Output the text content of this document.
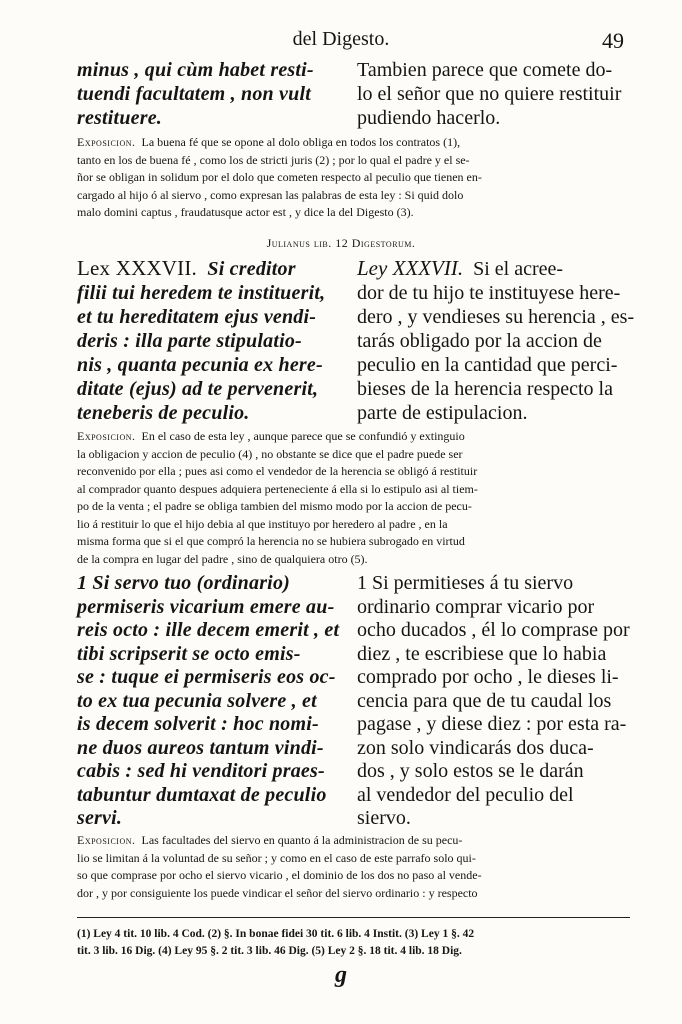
del Digesto.	49
minus , qui cùm habet resti-
tuendi facultatem , non vult
restituere.
Tambien parece que comete do-
lo el señor que no quiere restituir
pudiendo hacerlo.
Exposicion. La buena fé que se opone al dolo obliga en todos los contratos (1),
tanto en los de buena fé , como los de stricti juris (2) ; por lo qual el padre y el se-
ñor se obligan in solidum por el dolo que cometen respecto al peculio que tienen en-
cargado al hijo ó al siervo , como expresan las palabras de esta ley : Si quid dolo
malo domini captus , fraudatusque actor est , y dice la del Digesto (3).
Julianus lib. 12 Digestorum.
Lex XXXVII. Si creditor
filii tui heredem te instituerit,
et tu hereditatem ejus vendi-
deris : illa parte stipulatio-
nis , quanta pecunia ex here-
ditate (ejus) ad te pervenerit,
teneberis de peculio.
Ley XXXVII. Si el acree-
dor de tu hijo te instituyese here-
dero , y vendieses su herencia , es-
tarás obligado por la accion de
peculio en la cantidad que perci-
bieses de la herencia respecto la
parte de estipulacion.
Exposicion. En el caso de esta ley , aunque parece que se confundió y extinguio
la obligacion y accion de peculio (4) , no obstante se dice que el padre puede ser
reconvenido por ella ; pues asi como el vendedor de la herencia se obligó á restituir
al comprador quanto despues adquiera perteneciente á ella si lo estipulo asi al tiem-
po de la venta ; el padre se obliga tambien del mismo modo por la accion de pecu-
lio á restituir lo que el hijo debia al que instituyo por heredero al padre , en la
misma forma que si el que compró la herencia no se hubiera subrogado en virtud
de la compra en lugar del padre , sino de qualquiera otro (5).
1 Si servo tuo (ordinario)
permiseris vicarium emere au-
reis octo : ille decem emerit , et
tibi scripserit se octo emis-
se : tuque ei permiseris eos oc-
to ex tua pecunia solvere , et
is decem solverit : hoc nomi-
ne duos aureos tantum vindi-
cabis : sed hi venditori praes-
tabuntur dumtaxat de peculio
servi.
1 Si permitieses á tu siervo
ordinario comprar vicario por
ocho ducados , él lo comprase por
diez , te escribiese que lo habia
comprado por ocho , le dieses li-
cencia para que de tu caudal los
pagase , y diese diez : por esta ra-
zon solo vindicarás dos duca-
dos , y solo estos se le darán
al vendedor del peculio del
siervo.
Exposicion. Las facultades del siervo en quanto á la administracion de su pecu-
lio se limitan á la voluntad de su señor ; y como en el caso de este parrafo solo qui-
so que comprase por ocho el siervo vicario , el dominio de los dos no paso al vende-
dor , y por consiguiente los puede vindicar el señor del siervo ordinario : y respecto
(1) Ley 4 tit. 10 lib. 4 Cod. (2) §. In bonae fidei 30 tit. 6 lib. 4 Instit. (3) Ley 1 §. 42
tit. 3 lib. 16 Dig. (4) Ley 95 §. 2 tit. 3 lib. 46 Dig. (5) Ley 2 §. 18 tit. 4 lib. 18 Dig.
g
